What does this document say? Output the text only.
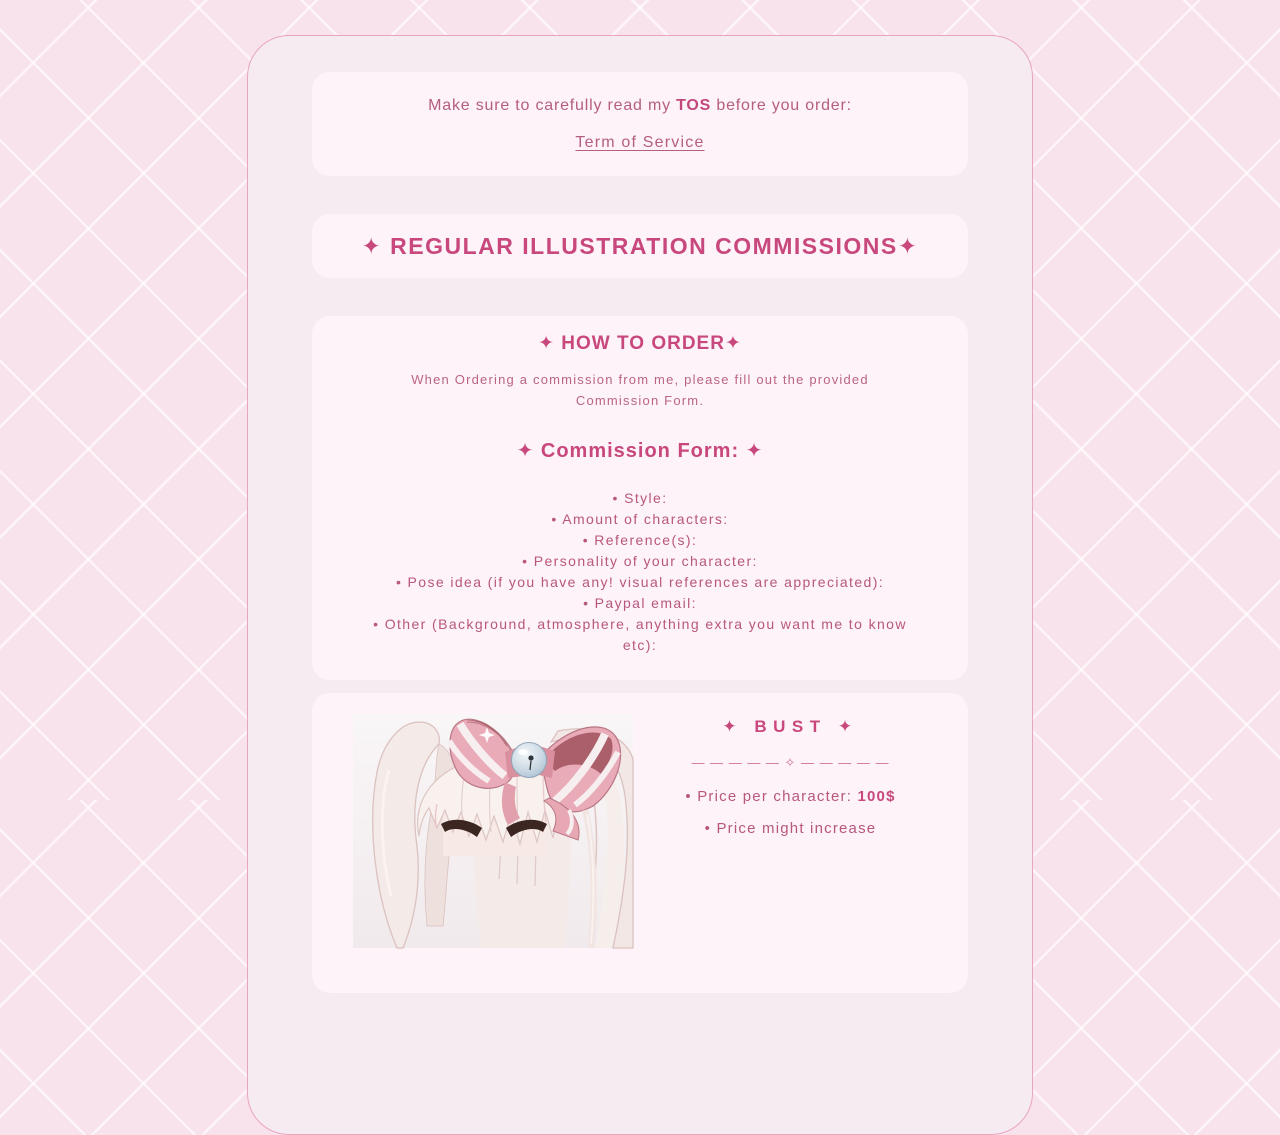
Make sure to carefully read my TOS before you order:

Term of Service
✦ REGULAR ILLUSTRATION COMMISSIONS✦
✦ HOW TO ORDER✦

When Ordering a commission from me, please fill out the provided Commission Form.

✦ Commission Form: ✦
• Style:
• Amount of characters:
• Reference(s):
• Personality of your character:
• Pose idea (if you have any! visual references are appreciated):
• Paypal email:
• Other (Background, atmosphere, anything extra you want me to know etc):
✦ BUST ✦

— — — — — ✧ — — — — —

• Price per character: 100$

• Price might increase
